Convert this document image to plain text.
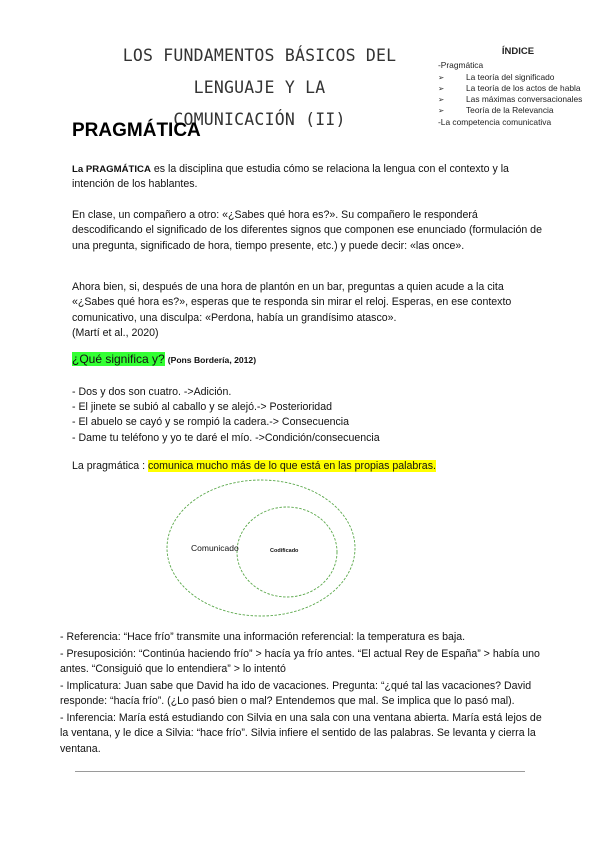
LOS FUNDAMENTOS BÁSICOS DEL LENGUAJE Y LA
COMUNICACIÓN (II)
ÍNDICE
-Pragmática
➢	La teoría del significado
➢	La teoría de los actos de habla
➢	Las máximas conversacionales
➢	Teoría de la Relevancia
-La competencia comunicativa
PRAGMÁTICA
La PRAGMÁTICA es la disciplina que estudia cómo se relaciona la lengua con el contexto y la intención de los hablantes.
En clase, un compañero a otro: «¿Sabes qué hora es?». Su compañero le responderá descodificando el significado de los diferentes signos que componen ese enunciado (formulación de una pregunta, significado de hora, tiempo presente, etc.) y puede decir: «las once».
Ahora bien, si, después de una hora de plantón en un bar, preguntas a quien acude a la cita «¿Sabes qué hora es?», esperas que te responda sin mirar el reloj. Esperas, en ese contexto comunicativo, una disculpa: «Perdona, había un grandísimo atasco».
(Martí et al., 2020)
¿Qué significa y? (Pons Bordería, 2012)
- Dos y dos son cuatro. ->Adición.
- El jinete se subió al caballo y se alejó.-> Posterioridad
- El abuelo se cayó y se rompió la cadera.-> Consecuencia
- Dame tu teléfono y yo te daré el mío. ->Condición/consecuencia
La pragmática : comunica mucho más de lo que está en las propias palabras.
Comunicado	Codificado

- Referencia: “Hace frío” transmite una información referencial: la temperatura es baja.

- Presuposición: “Continúa haciendo frío” > hacía ya frío antes. “El actual Rey de España” > había uno antes. “Consiguió que lo entendiera” > lo intentó

- Implicatura: Juan sabe que David ha ido de vacaciones. Pregunta: “¿qué tal las vacaciones? David responde: “hacía frío”. (¿Lo pasó bien o mal? Entendemos que mal. Se implica que lo pasó mal).

- Inferencia: María está estudiando con Silvia en una sala con una ventana abierta. María está lejos de la ventana, y le dice a Silvia: “hace frío”. Silvia infiere el sentido de las palabras. Se levanta y cierra la ventana.
